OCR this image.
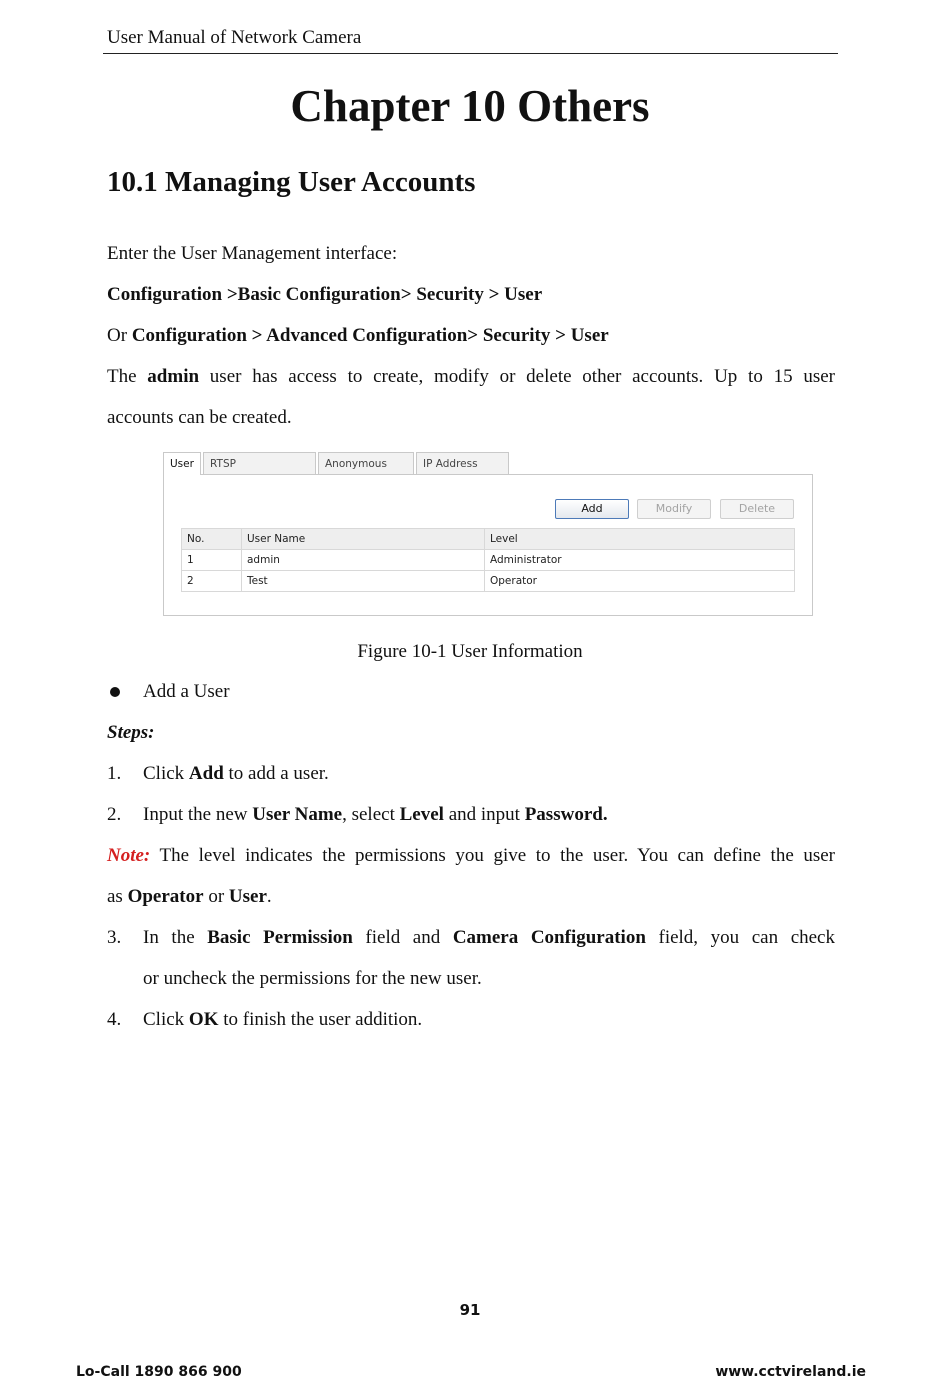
User Manual of Network Camera
Chapter 10 Others
10.1 Managing User Accounts
Enter the User Management interface:
Configuration >Basic Configuration> Security > User
Or Configuration > Advanced Configuration> Security > User
The admin user has access to create, modify or delete other accounts. Up to 15 user
accounts can be created.
User	RTSP	Anonymous	IP Address
Add	Modify	Delete
No.	User Name	Level
1	admin	Administrator
2	Test	Operator
Figure 10-1 User Information
Add a User
Steps:
1.	Click Add to add a user.
2.	Input the new User Name, select Level and input Password.
Note: The level indicates the permissions you give to the user. You can define the user
as Operator or User.
3.	In the Basic Permission field and Camera Configuration field, you can check
or uncheck the permissions for the new user.
4.	Click OK to finish the user addition.
91
Lo-Call 1890 866 900	www.cctvireland.ie
